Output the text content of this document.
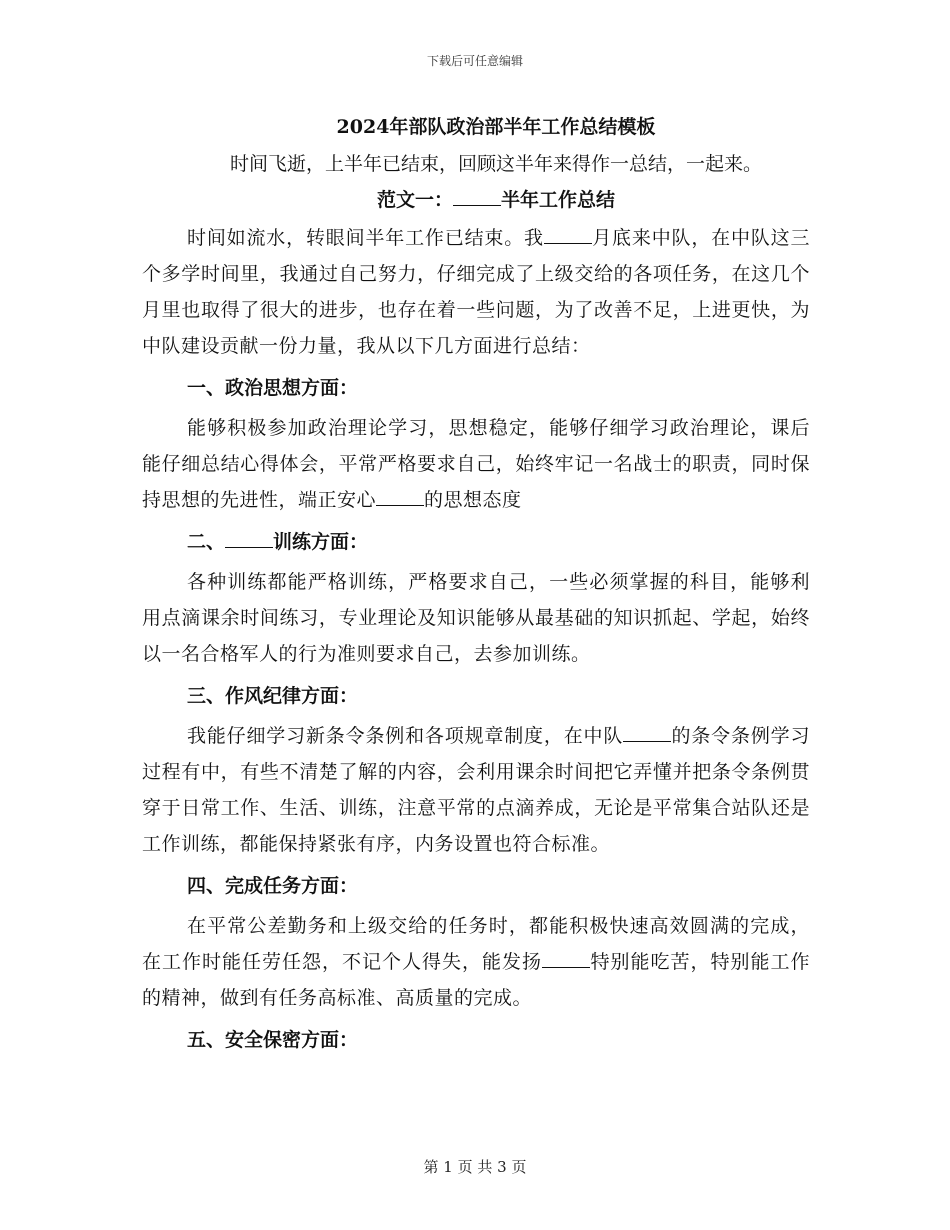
下载后可任意编辑
2024年部队政治部半年工作总结模板
时间飞逝，上半年已结束，回顾这半年来得作一总结，一起来。
范文一：	半年工作总结

时间如流水，转眼间半年工作已结束。我	月底来中队，在中队这三个多学时间里，我通过自己努力，仔细完成了上级交给的各项任务，在这几个月里也取得了很大的进步，也存在着一些问题，为了改善不足，上进更快，为中队建设贡献一份力量，我从以下几方面进行总结：

一、政治思想方面：

能够积极参加政治理论学习，思想稳定，能够仔细学习政治理论，课后能仔细总结心得体会，平常严格要求自己，始终牢记一名战士的职责，同时保持思想的先进性，端正安心	的思想态度

二、	训练方面：

各种训练都能严格训练，严格要求自己，一些必须掌握的科目，能够利用点滴课余时间练习，专业理论及知识能够从最基础的知识抓起、学起，始终以一名合格军人的行为准则要求自己，去参加训练。

三、作风纪律方面：

我能仔细学习新条令条例和各项规章制度，在中队	的条令条例学习过程有中，有些不清楚了解的内容，会利用课余时间把它弄懂并把条令条例贯穿于日常工作、生活、训练，注意平常的点滴养成，无论是平常集合站队还是工作训练，都能保持紧张有序，内务设置也符合标准。

四、完成任务方面：

在平常公差勤务和上级交给的任务时，都能积极快速高效圆满的完成，在工作时能任劳任怨，不记个人得失，能发扬	特别能吃苦，特别能工作的精神，做到有任务高标准、高质量的完成。

五、安全保密方面：
第 1 页 共 3 页
